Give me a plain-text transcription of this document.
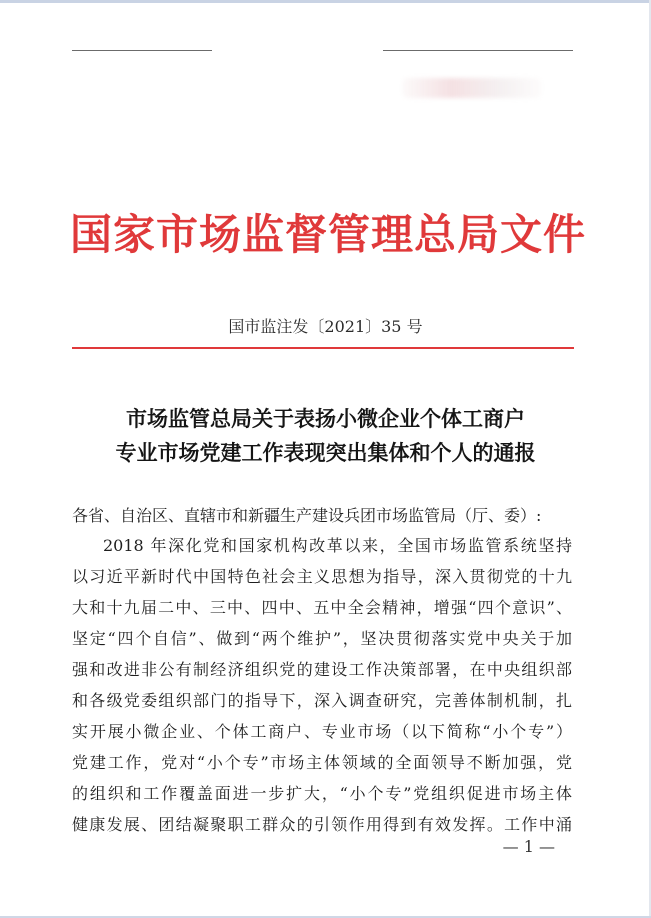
国家市场监督管理总局文件
国市监注发〔2021〕35 号
市场监管总局关于表扬小微企业个体工商户
专业市场党建工作表现突出集体和个人的通报
各省、自治区、直辖市和新疆生产建设兵团市场监管局（厅、委）:
2018 年深化党和国家机构改革以来，全国市场监管系统坚持
以习近平新时代中国特色社会主义思想为指导，深入贯彻党的十九
大和十九届二中、三中、四中、五中全会精神，增强“四个意识”、
坚定“四个自信”、做到“两个维护”，坚决贯彻落实党中央关于加
强和改进非公有制经济组织党的建设工作决策部署，在中央组织部
和各级党委组织部门的指导下，深入调查研究，完善体制机制，扎
实开展小微企业、个体工商户、专业市场（以下简称“小个专”）
党建工作，党对“小个专”市场主体领域的全面领导不断加强，党
的组织和工作覆盖面进一步扩大，“小个专”党组织促进市场主体
健康发展、团结凝聚职工群众的引领作用得到有效发挥。工作中涌
— 1 —
